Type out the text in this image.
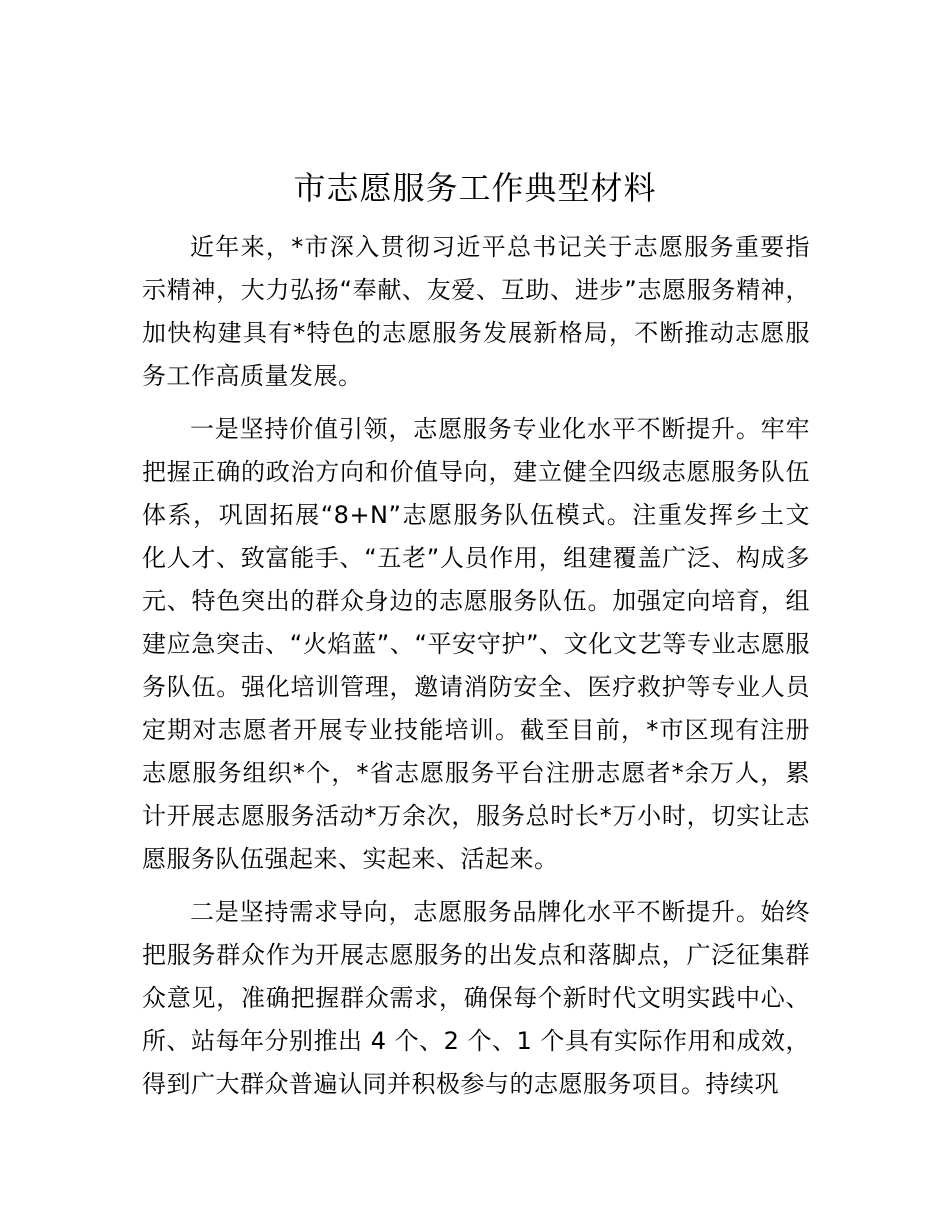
市志愿服务工作典型材料

近年来，*市深入贯彻习近平总书记关于志愿服务重要指示精神，大力弘扬“奉献、友爱、互助、进步”志愿服务精神，加快构建具有*特色的志愿服务发展新格局，不断推动志愿服务工作高质量发展。

一是坚持价值引领，志愿服务专业化水平不断提升。牢牢把握正确的政治方向和价值导向，建立健全四级志愿服务队伍体系，巩固拓展“8+N”志愿服务队伍模式。注重发挥乡土文化人才、致富能手、“五老”人员作用，组建覆盖广泛、构成多元、特色突出的群众身边的志愿服务队伍。加强定向培育，组建应急突击、“火焰蓝”、“平安守护”、文化文艺等专业志愿服务队伍。强化培训管理，邀请消防安全、医疗救护等专业人员定期对志愿者开展专业技能培训。截至目前，*市区现有注册志愿服务组织*个，*省志愿服务平台注册志愿者*余万人，累计开展志愿服务活动*万余次，服务总时长*万小时，切实让志愿服务队伍强起来、实起来、活起来。

二是坚持需求导向，志愿服务品牌化水平不断提升。始终把服务群众作为开展志愿服务的出发点和落脚点，广泛征集群众意见，准确把握群众需求，确保每个新时代文明实践中心、所、站每年分别推出 4 个、2 个、1 个具有实际作用和成效，得到广大群众普遍认同并积极参与的志愿服务项目。持续巩
